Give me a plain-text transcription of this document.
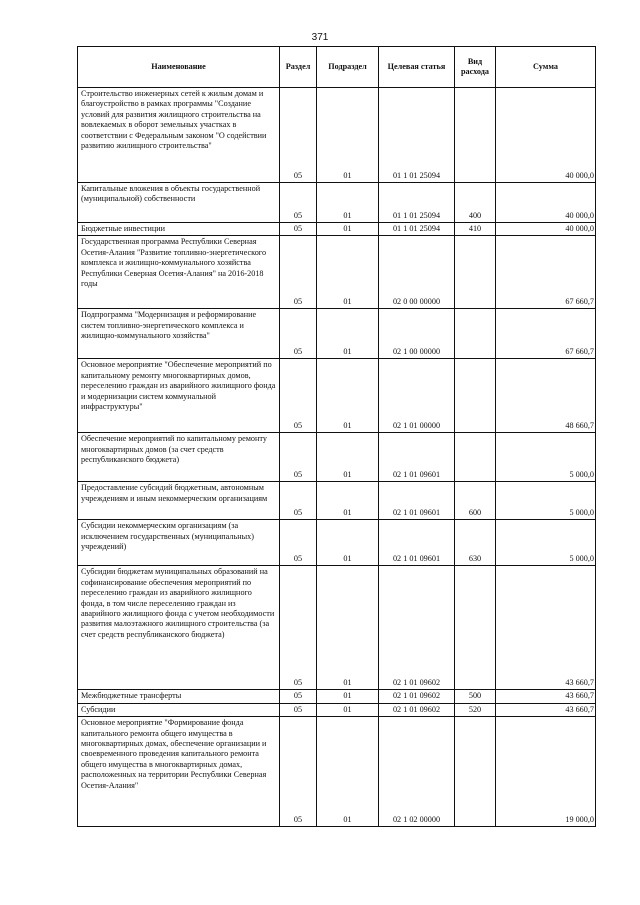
371
Наименование	Раздел	Подраздел	Целевая статья	Вид расхода	Сумма
Строительство инженерных сетей к жилым домам и благоустройство в рамках программы "Создание условий для развития жилищного строительства на вовлекаемых в оборот земельных участках в соответствии с Федеральным законом "О содействии развитию жилищного строительства"	05	01	01 1 01 25094		40 000,0
Капитальные вложения в объекты государственной (муниципальной) собственности	05	01	01 1 01 25094	400	40 000,0
Бюджетные инвестиции	05	01	01 1 01 25094	410	40 000,0
Государственная программа Республики Северная Осетия-Алания "Развитие топливно-энергетического комплекса и жилищно-коммунального хозяйства Республики Северная Осетия-Алания" на 2016-2018 годы	05	01	02 0 00 00000		67 660,7
Подпрограмма "Модернизация и реформирование систем топливно-энергетического комплекса и жилищно-коммунального хозяйства"	05	01	02 1 00 00000		67 660,7
Основное мероприятие "Обеспечение мероприятий по капитальному ремонту многоквартирных домов, переселению граждан из аварийного жилищного фонда и модернизации систем коммунальной инфраструктуры"	05	01	02 1 01 00000		48 660,7
Обеспечение мероприятий по капитальному ремонту многоквартирных домов (за счет средств республиканского бюджета)	05	01	02 1 01 09601		5 000,0
Предоставление субсидий бюджетным, автономным учреждениям и иным некоммерческим организациям	05	01	02 1 01 09601	600	5 000,0
Субсидии некоммерческим организациям (за исключением государственных (муниципальных) учреждений)	05	01	02 1 01 09601	630	5 000,0
Субсидии бюджетам муниципальных образований на софинансирование обеспечения мероприятий по переселению граждан из аварийного жилищного фонда, в том числе переселению граждан из аварийного жилищного фонда с учетом необходимости развития малоэтажного жилищного строительства (за счет средств республиканского бюджета)	05	01	02 1 01 09602		43 660,7
Межбюджетные трансферты	05	01	02 1 01 09602	500	43 660,7
Субсидии	05	01	02 1 01 09602	520	43 660,7
Основное мероприятие "Формирование фонда капитального ремонта общего имущества в многоквартирных домах, обеспечение организации и своевременного проведения капитального ремонта общего имущества в многоквартирных домах, расположенных на территории Республики Северная Осетия-Алания"	05	01	02 1 02 00000		19 000,0
